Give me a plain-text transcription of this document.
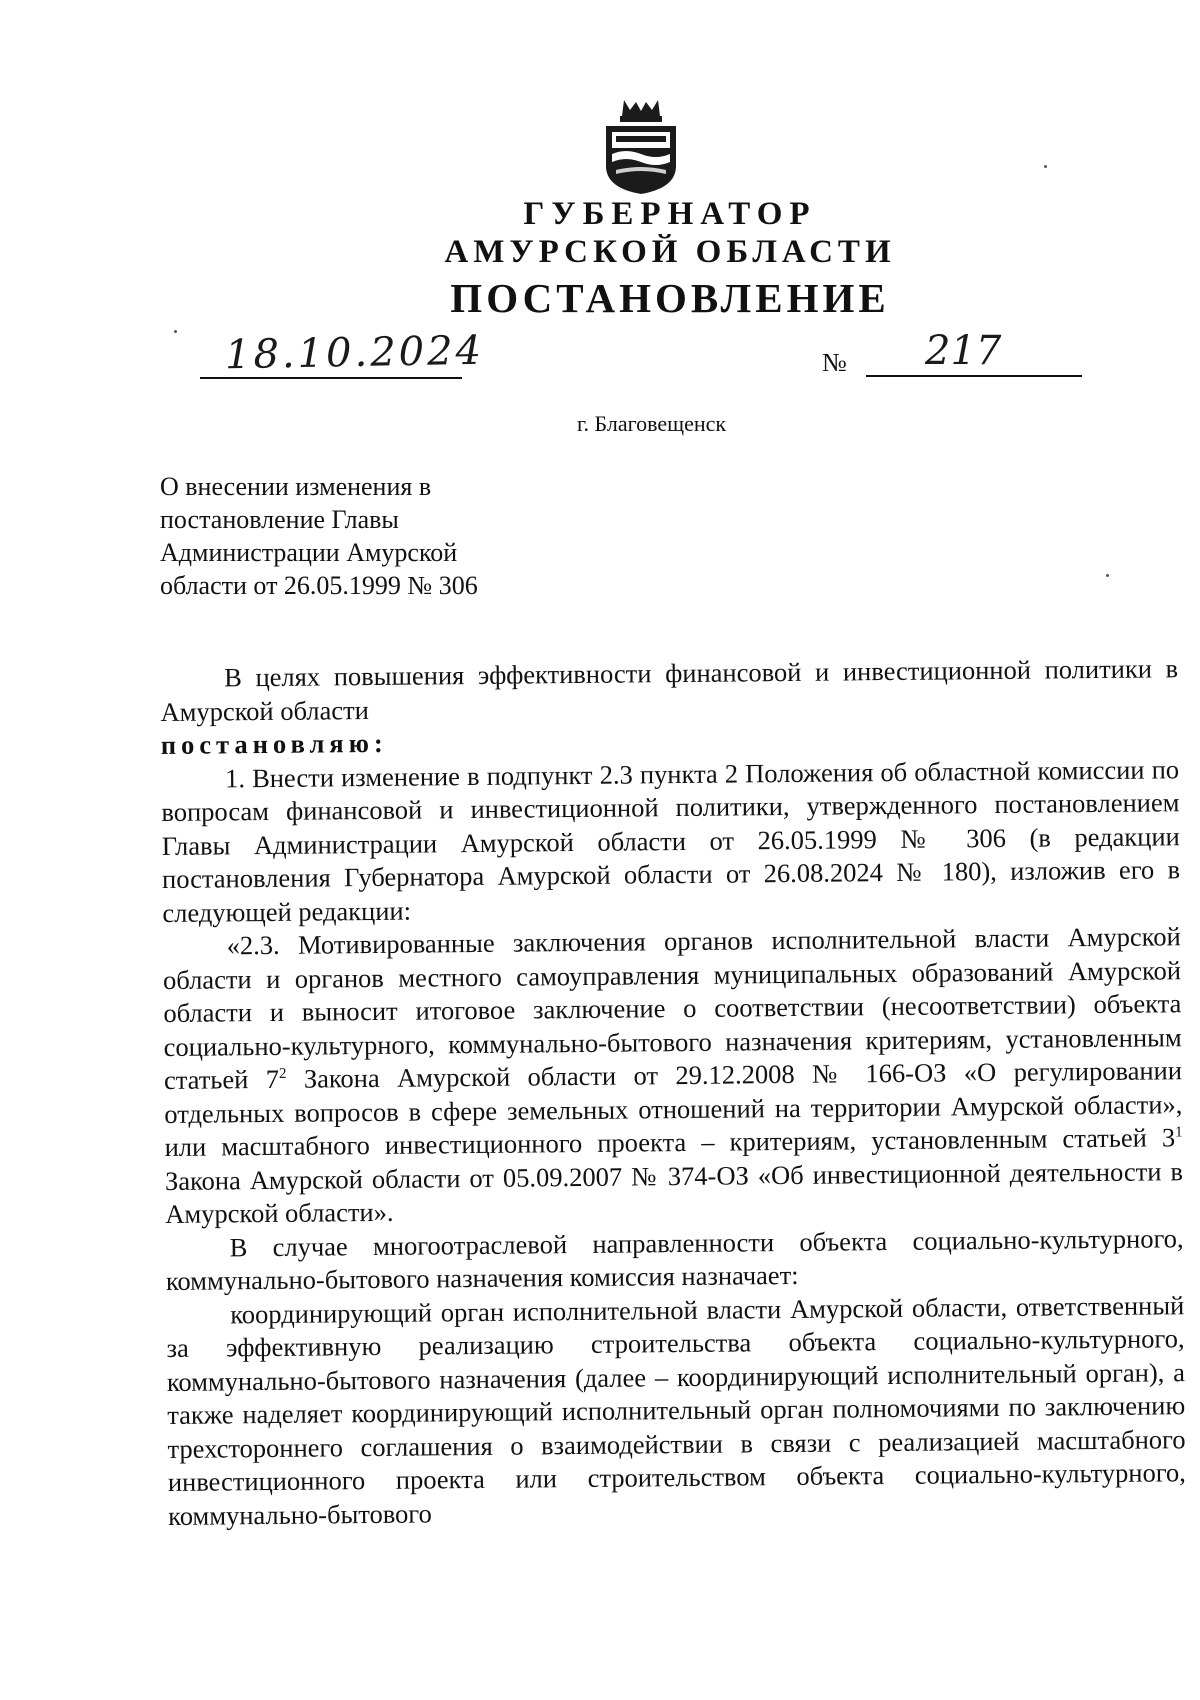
ГУБЕРНАТОР
АМУРСКОЙ ОБЛАСТИ
ПОСТАНОВЛЕНИЕ
18.10.2024	№ 217
г. Благовещенск
О внесении изменения в
постановление Главы
Администрации Амурской
области от 26.05.1999 № 306

В целях повышения эффективности финансовой и инвестиционной политики в Амурской области

постановляю:

1. Внести изменение в подпункт 2.3 пункта 2 Положения об областной комиссии по вопросам финансовой и инвестиционной политики, утвержденного постановлением Главы Администрации Амурской области от 26.05.1999 № 306 (в редакции постановления Губернатора Амурской области от 26.08.2024 № 180), изложив его в следующей редакции:

«2.3. Мотивированные заключения органов исполнительной власти Амурской области и органов местного самоуправления муниципальных образований Амурской области и выносит итоговое заключение о соответствии (несоответствии) объекта социально-культурного, коммунально-бытового назначения критериям, установленным статьей $7^2$ Закона Амурской области от 29.12.2008 № 166-ОЗ «О регулировании отдельных вопросов в сфере земельных отношений на территории Амурской области», или масштабного инвестиционного проекта – критериям, установленным статьей $3^1$ Закона Амурской области от 05.09.2007 № 374-ОЗ «Об инвестиционной деятельности в Амурской области».

В случае многоотраслевой направленности объекта социально-культурного, коммунально-бытового назначения комиссия назначает:

координирующий орган исполнительной власти Амурской области, ответственный за эффективную реализацию строительства объекта социально-культурного, коммунально-бытового назначения (далее – координирующий исполнительный орган), а также наделяет координирующий исполнительный орган полномочиями по заключению трехстороннего соглашения о взаимодействии в связи с реализацией масштабного инвестиционного проекта или строительством объекта социально-культурного, коммунально-бытового
